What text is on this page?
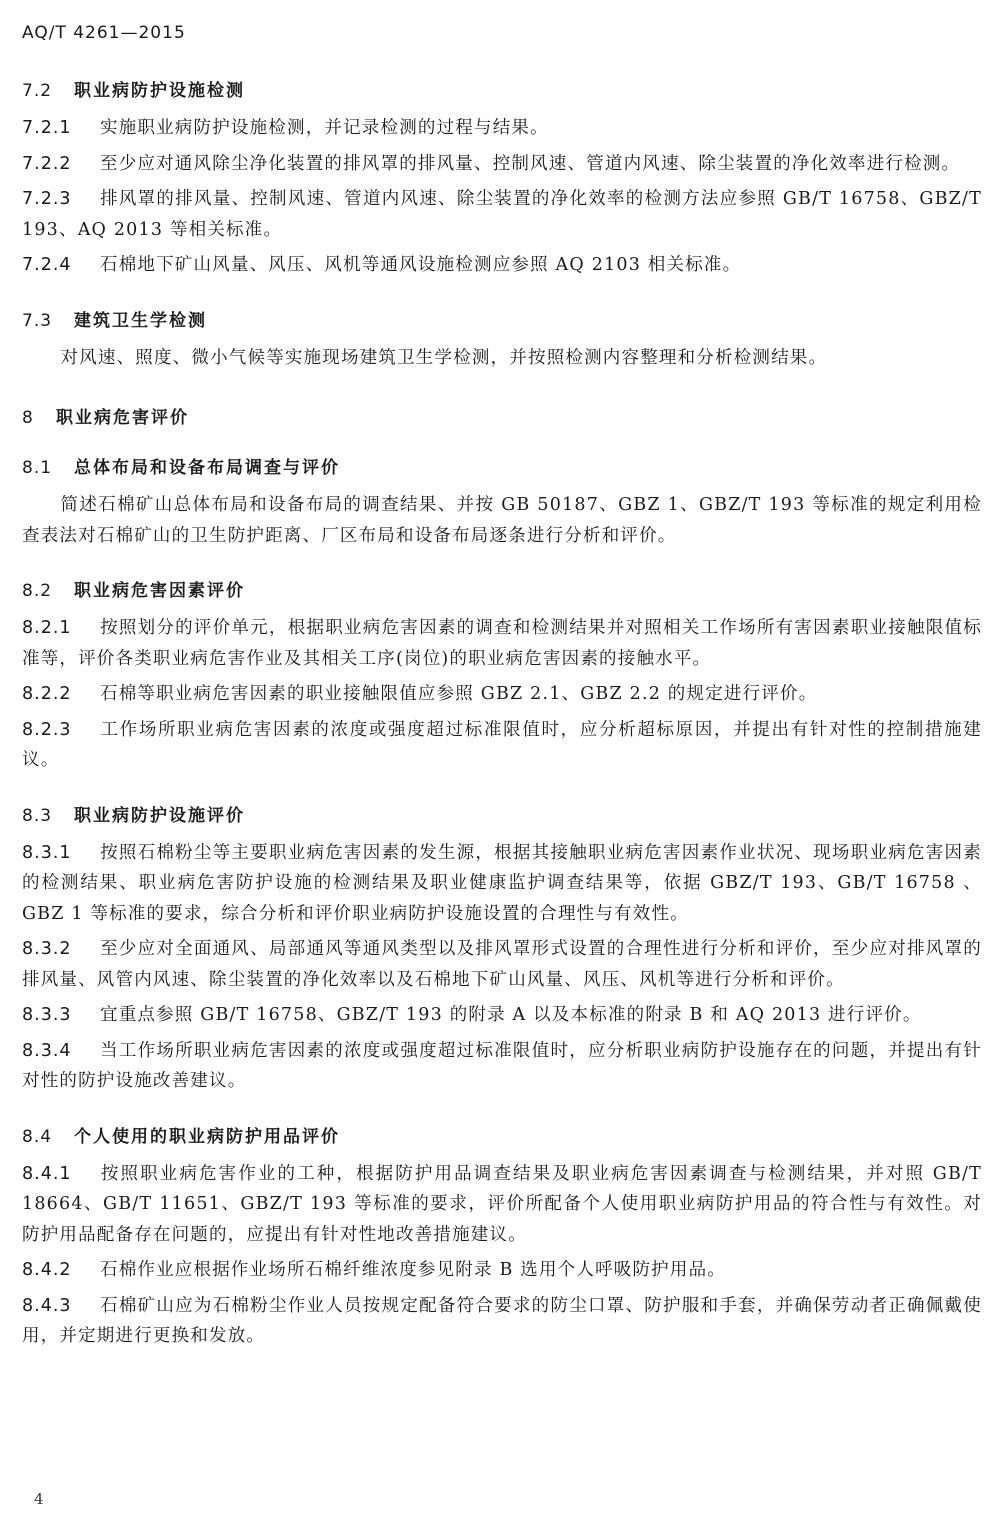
AQ/T 4261—2015
7.2 职业病防护设施检测
7.2.1 实施职业病防护设施检测，并记录检测的过程与结果。
7.2.2 至少应对通风除尘净化装置的排风罩的排风量、控制风速、管道内风速、除尘装置的净化效率进行检测。
7.2.3 排风罩的排风量、控制风速、管道内风速、除尘装置的净化效率的检测方法应参照 GB/T 16758、GBZ/T 193、AQ 2013 等相关标准。
7.2.4 石棉地下矿山风量、风压、风机等通风设施检测应参照 AQ 2103 相关标准。
7.3 建筑卫生学检测
对风速、照度、微小气候等实施现场建筑卫生学检测，并按照检测内容整理和分析检测结果。
8 职业病危害评价
8.1 总体布局和设备布局调查与评价
简述石棉矿山总体布局和设备布局的调查结果、并按 GB 50187、GBZ 1、GBZ/T 193 等标准的规定利用检查表法对石棉矿山的卫生防护距离、厂区布局和设备布局逐条进行分析和评价。
8.2 职业病危害因素评价
8.2.1 按照划分的评价单元，根据职业病危害因素的调查和检测结果并对照相关工作场所有害因素职业接触限值标准等，评价各类职业病危害作业及其相关工序(岗位)的职业病危害因素的接触水平。
8.2.2 石棉等职业病危害因素的职业接触限值应参照 GBZ 2.1、GBZ 2.2 的规定进行评价。
8.2.3 工作场所职业病危害因素的浓度或强度超过标准限值时，应分析超标原因，并提出有针对性的控制措施建议。
8.3 职业病防护设施评价
8.3.1 按照石棉粉尘等主要职业病危害因素的发生源，根据其接触职业病危害因素作业状况、现场职业病危害因素的检测结果、职业病危害防护设施的检测结果及职业健康监护调查结果等，依据 GBZ/T 193、GB/T 16758 、GBZ 1 等标准的要求，综合分析和评价职业病防护设施设置的合理性与有效性。
8.3.2 至少应对全面通风、局部通风等通风类型以及排风罩形式设置的合理性进行分析和评价，至少应对排风罩的排风量、风管内风速、除尘装置的净化效率以及石棉地下矿山风量、风压、风机等进行分析和评价。
8.3.3 宜重点参照 GB/T 16758、GBZ/T 193 的附录 A 以及本标准的附录 B 和 AQ 2013 进行评价。
8.3.4 当工作场所职业病危害因素的浓度或强度超过标准限值时，应分析职业病防护设施存在的问题，并提出有针对性的防护设施改善建议。
8.4 个人使用的职业病防护用品评价
8.4.1 按照职业病危害作业的工种，根据防护用品调查结果及职业病危害因素调查与检测结果，并对照 GB/T 18664、GB/T 11651、GBZ/T 193 等标准的要求，评价所配备个人使用职业病防护用品的符合性与有效性。对防护用品配备存在问题的，应提出有针对性地改善措施建议。
8.4.2 石棉作业应根据作业场所石棉纤维浓度参见附录 B 选用个人呼吸防护用品。
8.4.3 石棉矿山应为石棉粉尘作业人员按规定配备符合要求的防尘口罩、防护服和手套，并确保劳动者正确佩戴使用，并定期进行更换和发放。
4
